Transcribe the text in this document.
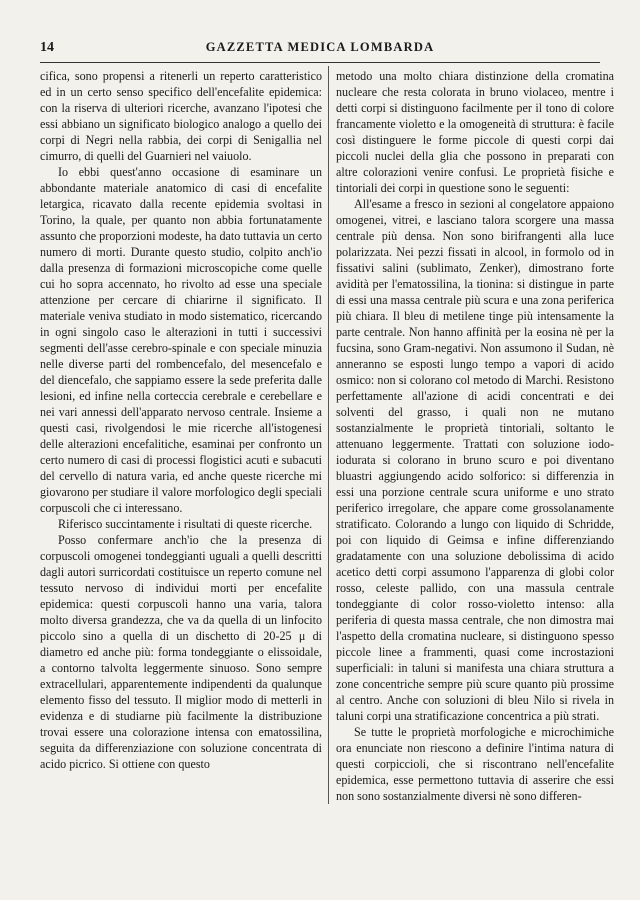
14	GAZZETTA MEDICA LOMBARDA

cifica, sono propensi a ritenerli un reperto caratteristico ed in un certo senso specifico dell'encefalite epidemica: con la riserva di ulteriori ricerche, avanzano l'ipotesi che essi abbiano un significato biologico analogo a quello dei corpi di Negri nella rabbia, dei corpi di Senigallia nel cimurro, di quelli del Guarnieri nel vaiuolo.

Io ebbi quest'anno occasione di esaminare un abbondante materiale anatomico di casi di encefalite letargica, ricavato dalla recente epidemia svoltasi in Torino, la quale, per quanto non abbia fortunatamente assunto che proporzioni modeste, ha dato tuttavia un certo numero di morti. Durante questo studio, colpito anch'io dalla presenza di formazioni microscopiche come quelle cui ho sopra accennato, ho rivolto ad esse una speciale attenzione per cercare di chiarirne il significato. Il materiale veniva studiato in modo sistematico, ricercando in ogni singolo caso le alterazioni in tutti i successivi segmenti dell'asse cerebro-spinale e con speciale minuzia nelle diverse parti del rombencefalo, del mesencefalo e del diencefalo, che sappiamo essere la sede preferita dalle lesioni, ed infine nella corteccia cerebrale e cerebellare e nei vari annessi dell'apparato nervoso centrale. Insieme a questi casi, rivolgendosi le mie ricerche all'istogenesi delle alterazioni encefalitiche, esaminai per confronto un certo numero di casi di processi flogistici acuti e subacuti del cervello di natura varia, ed anche queste ricerche mi giovarono per studiare il valore morfologico degli speciali corpuscoli che ci interessano.

Riferisco succintamente i risultati di queste ricerche.

Posso confermare anch'io che la presenza di corpuscoli omogenei tondeggianti uguali a quelli descritti dagli autori surricordati costituisce un reperto comune nel tessuto nervoso di individui morti per encefalite epidemica: questi corpuscoli hanno una varia, talora molto diversa grandezza, che va da quella di un linfocito piccolo sino a quella di un dischetto di 20-25 μ di diametro ed anche più: forma tondeggiante o elissoidale, a contorno talvolta leggermente sinuoso. Sono sempre extracellulari, apparentemente indipendenti da qualunque elemento fisso del tessuto. Il miglior modo di metterli in evidenza e di studiarne più facilmente la distribuzione trovai essere una colorazione intensa con ematossilina, seguita da differenziazione con soluzione concentrata di acido picrico. Si ottiene con questo

metodo una molto chiara distinzione della cromatina nucleare che resta colorata in bruno violaceo, mentre i detti corpi si distinguono facilmente per il tono di colore francamente violetto e la omogeneità di struttura: è facile così distinguere le forme piccole di questi corpi dai piccoli nuclei della glia che possono in preparati con altre colorazioni venire confusi. Le proprietà fisiche e tintoriali dei corpi in questione sono le seguenti:

All'esame a fresco in sezioni al congelatore appaiono omogenei, vitrei, e lasciano talora scorgere una massa centrale più densa. Non sono birifrangenti alla luce polarizzata. Nei pezzi fissati in alcool, in formolo od in fissativi salini (sublimato, Zenker), dimostrano forte avidità per l'ematossilina, la tionina: si distingue in parte di essi una massa centrale più scura e una zona periferica più chiara. Il bleu di metilene tinge più intensamente la parte centrale. Non hanno affinità per la eosina nè per la fucsina, sono Gram-negativi. Non assumono il Sudan, nè anneranno se esposti lungo tempo a vapori di acido osmico: non si colorano col metodo di Marchi. Resistono perfettamente all'azione di acidi concentrati e dei solventi del grasso, i quali non ne mutano sostanzialmente le proprietà tintoriali, soltanto le attenuano leggermente. Trattati con soluzione iodo-iodurata si colorano in bruno scuro e poi diventano bluastri aggiungendo acido solforico: si differenzia in essi una porzione centrale scura uniforme e uno strato periferico irregolare, che appare come grossolanamente stratificato. Colorando a lungo con liquido di Schridde, poi con liquido di Geimsa e infine differenziando gradatamente con una soluzione debolissima di acido acetico detti corpi assumono l'apparenza di globi color rosso, celeste pallido, con una massula centrale tondeggiante di color rosso-violetto intenso: alla periferia di questa massa centrale, che non dimostra mai l'aspetto della cromatina nucleare, si distinguono spesso piccole linee a frammenti, quasi come incrostazioni superficiali: in taluni si manifesta una chiara struttura a zone concentriche sempre più scure quanto più prossime al centro. Anche con soluzioni di bleu Nilo si rivela in taluni corpi una stratificazione concentrica a più strati.

Se tutte le proprietà morfologiche e microchimiche ora enunciate non riescono a definire l'intima natura di questi corpiccioli, che si riscontrano nell'encefalite epidemica, esse permettono tuttavia di asserire che essi non sono sostanzialmente diversi nè sono differen-
